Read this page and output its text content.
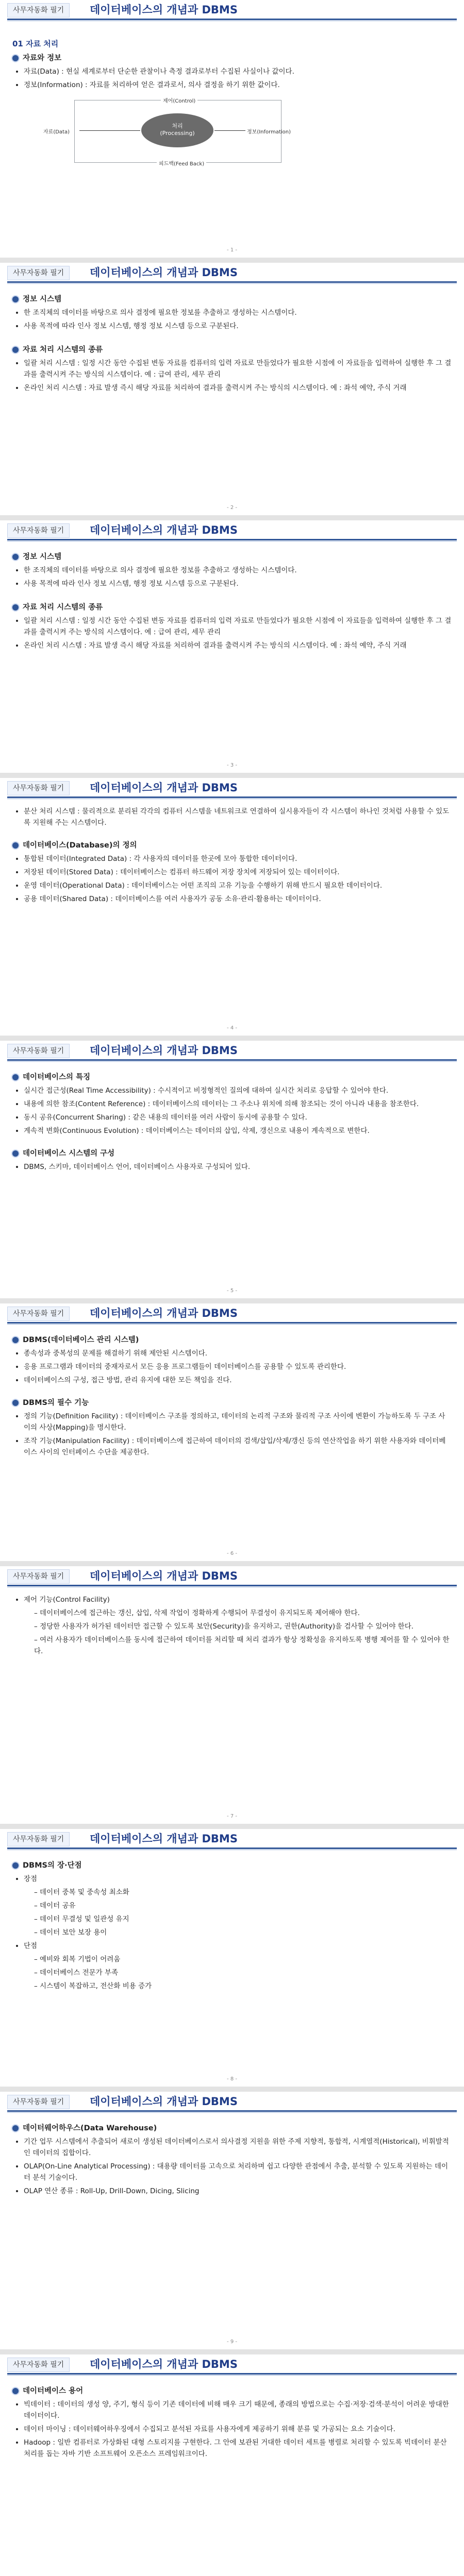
사무자동화 필기	데이터베이스의 개념과 DBMS
01 자료 처리
자료와 정보
• 자료(Data) : 현실 세계로부터 단순한 관찰이나 측정 결과로부터 수집된 사실이나 값이다.
• 정보(Information) : 자료를 처리하여 얻은 결과로서, 의사 결정을 하기 위한 값이다.
제어(Control)
자료(Data)
처리
(Processing)	정보(Information)
피드백(Feed Back)
- 1 -
사무자동화 필기	데이터베이스의 개념과 DBMS
정보 시스템
• 한 조직체의 데이터를 바탕으로 의사 결정에 필요한 정보를 추출하고 생성하는 시스템이다.
• 사용 목적에 따라 인사 정보 시스템, 행정 정보 시스템 등으로 구분된다.
자료 처리 시스템의 종류
• 일괄 처리 시스템 : 일정 시간 동안 수집된 변동 자료를 컴퓨터의 입력 자료로 만들었다가 필요한 시점에 이 자료들을 입력하여 실행한 후 그 결과를 출력시켜 주는 방식의 시스템이다. 예 : 급여 관리, 세무 관리
• 온라인 처리 시스템 : 자료 발생 즉시 해당 자료를 처리하여 결과를 출력시켜 주는 방식의 시스템이다. 예 : 좌석 예약, 주식 거래
- 2 -
사무자동화 필기	데이터베이스의 개념과 DBMS
정보 시스템
• 한 조직체의 데이터를 바탕으로 의사 결정에 필요한 정보를 추출하고 생성하는 시스템이다.
• 사용 목적에 따라 인사 정보 시스템, 행정 정보 시스템 등으로 구분된다.
자료 처리 시스템의 종류
• 일괄 처리 시스템 : 일정 시간 동안 수집된 변동 자료를 컴퓨터의 입력 자료로 만들었다가 필요한 시점에 이 자료들을 입력하여 실행한 후 그 결과를 출력시켜 주는 방식의 시스템이다. 예 : 급여 관리, 세무 관리
• 온라인 처리 시스템 : 자료 발생 즉시 해당 자료를 처리하여 결과를 출력시켜 주는 방식의 시스템이다. 예 : 좌석 예약, 주식 거래
- 3 -
사무자동화 필기	데이터베이스의 개념과 DBMS
• 분산 처리 시스템 : 물리적으로 분리된 각각의 컴퓨터 시스템을 네트워크로 연결하여 실시용자들이 각 시스템이 하나인 것처럼 사용할 수 있도록 지원해 주는 시스템이다.
데이터베이스(Database)의 정의
• 통합된 데이터(Integrated Data) : 각 사용자의 데이터를 한곳에 모아 통합한 데이터이다.
• 저장된 데이터(Stored Data) : 데이터베이스는 컴퓨터 하드웨어 저장 장치에 저장되어 있는 데이터이다.
• 운영 데이터(Operational Data) : 데이터베이스는 어떤 조직의 고유 기능을 수행하기 위해 반드시 필요한 데이터이다.
• 공용 데이터(Shared Data) : 데이터베이스를 여러 사용자가 공동 소유·관리·활용하는 데이터이다.
- 4 -
사무자동화 필기	데이터베이스의 개념과 DBMS
데이터베이스의 특징
• 실시간 접근성(Real Time Accessibility) : 수시적이고 비정형적인 질의에 대하여 실시간 처리로 응답할 수 있어야 한다.
• 내용에 의한 참조(Content Reference) : 데이터베이스의 데이터는 그 주소나 위치에 의해 참조되는 것이 아니라 내용을 참조한다.
• 동시 공유(Concurrent Sharing) : 같은 내용의 데이터를 여러 사람이 동시에 공용할 수 있다.
• 계속적 변화(Continuous Evolution) : 데이터베이스는 데이터의 삽입, 삭제, 갱신으로 내용이 계속적으로 변한다.
데이터베이스 시스템의 구성
• DBMS, 스키마, 데이터베이스 언어, 데이터베이스 사용자로 구성되어 있다.
- 5 -
사무자동화 필기	데이터베이스의 개념과 DBMS
DBMS(데이터베이스 관리 시스템)
• 종속성과 중복성의 문제를 해결하기 위해 제안된 시스템이다.
• 응용 프로그램과 데이터의 중재자로서 모든 응용 프로그램들이 데이터베이스를 공용할 수 있도록 관리한다.
• 데이터베이스의 구성, 접근 방법, 관리 유지에 대한 모든 책임을 진다.
DBMS의 필수 기능
• 정의 기능(Definition Facility) : 데이터베이스 구조를 정의하고, 데이터의 논리적 구조와 물리적 구조 사이에 변환이 가능하도록 두 구조 사이의 사상(Mapping)을 명시한다.
• 조작 기능(Manipulation Facility) : 데이터베이스에 접근하여 데이터의 검색/삽입/삭제/갱신 등의 연산작업을 하기 위한 사용자와 데이터베이스 사이의 인터페이스 수단을 제공한다.
- 6 -
사무자동화 필기	데이터베이스의 개념과 DBMS
• 제어 기능(Control Facility)
– 데이터베이스에 접근하는 갱신, 삽입, 삭제 작업이 정확하게 수행되어 무결성이 유지되도록 제어해야 한다.
– 정당한 사용자가 허가된 데이터만 접근할 수 있도록 보안(Security)을 유지하고, 권한(Authority)을 검사할 수 있어야 한다.
– 여러 사용자가 데이터베이스를 동시에 접근하여 데이터를 처리할 때 처리 결과가 항상 정확성을 유지하도록 병행 제어를 할 수 있어야 한다.
- 7 -
사무자동화 필기	데이터베이스의 개념과 DBMS
DBMS의 장·단점
• 장점
– 데이터 중복 및 중속성 최소화
– 데이터 공유
– 데이터 무결성 및 일관성 유지
– 데이터 보안 보장 용이
• 단점
– 예비와 회복 기법이 어려움
– 데이터베이스 전문가 부족
– 시스템이 복잡하고, 전산화 비용 증가
- 8 -
사무자동화 필기	데이터베이스의 개념과 DBMS
데이터웨어하우스(Data Warehouse)
• 기간 업무 시스템에서 추출되어 새로이 생성된 데이터베이스로서 의사결정 지원을 위한 주제 지향적, 통합적, 시계열적(Historical), 비휘발적인 데이터의 집합이다.
• OLAP(On-Line Analytical Processing) : 대용량 데이터를 고속으로 처리하며 쉽고 다양한 관점에서 추출, 분석할 수 있도록 지원하는 데이터 분석 기술이다.
• OLAP 연산 종류 : Roll-Up, Drill-Down, Dicing, Slicing
- 9 -
사무자동화 필기	데이터베이스의 개념과 DBMS
데이터베이스 용어
• 빅데이터 : 데이터의 생성 양, 주기, 형식 등이 기존 데이터에 비해 매우 크기 때문에, 종래의 방법으로는 수집·저장·검색·분석이 어려운 방대한 데이터이다.
• 데이터 마이닝 : 데이터웨어하우징에서 수집되고 분석된 자료를 사용자에게 제공하기 위해 분류 및 가공되는 요소 기술이다.
• Hadoop : 일반 컴퓨터로 가상화된 대형 스토리지를 구현한다. 그 안에 보관된 거대한 데이터 세트를 병렬로 처리할 수 있도록 빅데이터 분산 처리를 돕는 자바 기반 소프트웨어 오픈소스 프레임워크이다.
